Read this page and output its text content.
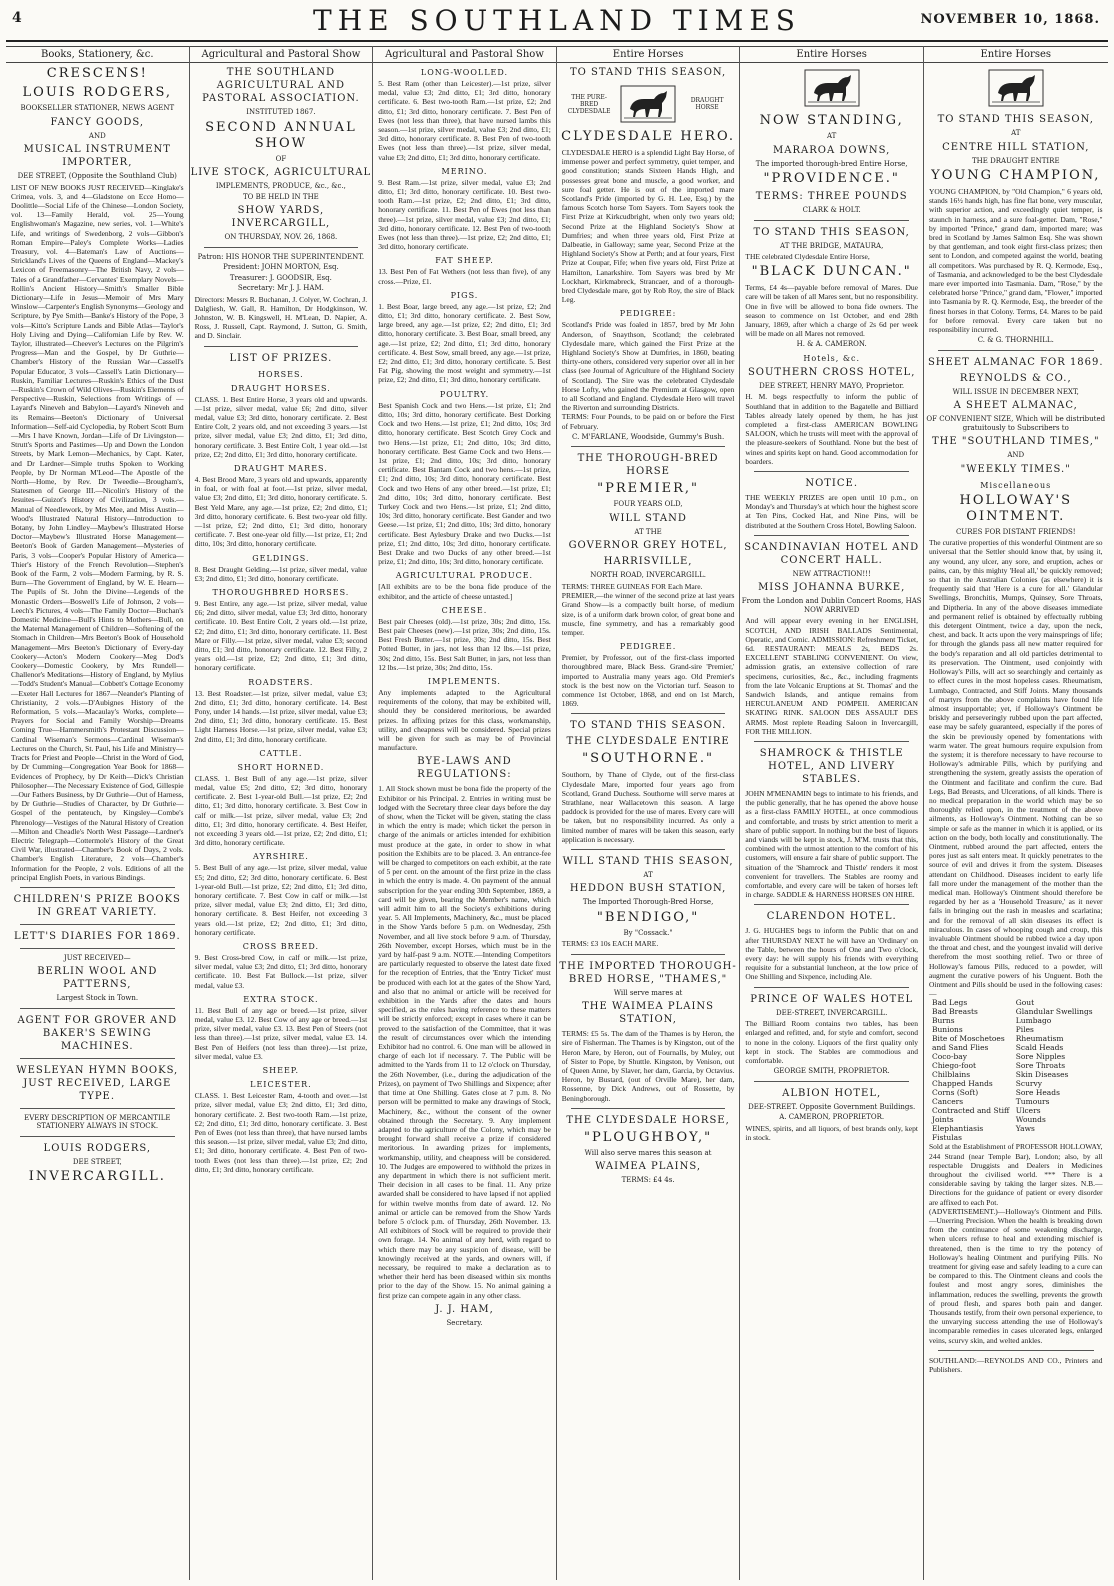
4	THE SOUTHLAND TIMES	NOVEMBER 10, 1868.
Books, Stationery, &c.
CRESCENS!
LOUIS RODGERS,
BOOKSELLER STATIONER, NEWS AGENT
FANCY GOODS,
AND
MUSICAL INSTRUMENT IMPORTER,
DEE STREET, (Opposite the Southland Club)

LIST OF NEW BOOKS JUST RECEIVED—Kinglake's Crimea, vols. 3, and 4—Gladstone on Ecce Homo—Doolittle—Social Life of the Chinese—London Society, vol. 13—Family Herald, vol. 25—Young Englishwoman's Magazine, new series, vol. 1—White's Life, and writings of Swedenborg, 2 vols—Gibbon's Roman Empire—Paley's Complete Works—Ladies Treasury, vol. 4—Bateman's Law of Auctions—Strickland's Lives of the Queens of England—Mackey's Lexicon of Freemasonry—The British Navy, 2 vols—Tales of a Grandfather—Cervantes' Exemplary Novels—Rollin's Ancient History—Smith's Smaller Bible Dictionary—Life in Jesus—Memoir of Mrs Mary Winslow—Carpenter's English Synonyms—Geology and Scripture, by Pye Smith—Banke's History of the Pope, 3 vols—Kitto's Scripture Lands and Bible Atlas—Taylor's Holy Living and Dying—Californian Life by Rev. W. Taylor, illustrated—Cheever's Lectures on the Pilgrim's Progress—Man and the Gospel, by Dr Guthrie—Chamber's History of the Russian War—Cassell's Popular Educator, 3 vols—Cassell's Latin Dictionary—Ruskin, Familiar Lectures—Ruskin's Ethics of the Dust—Ruskin's Crown of Wild Olives—Ruskin's Elements of Perspective—Ruskin, Selections from Writings of —Layard's Nineveh and Babylon—Layard's Nineveh and its Remains—Beeton's Dictionary of Universal Information—Self-aid Cyclopedia, by Robert Scott Burn—Mrs I have Known, Jordan—Life of Dr Livingston—Strutt's Sports and Pastimes—Up and Down the London Streets, by Mark Lemon—Mechanics, by Capt. Kater, and Dr Lardner—Simple truths Spoken to Working People, by Dr Norman M'Leod—The Apostle of the North—Home, by Rev. Dr Tweedie—Brougham's, Statesmen of George III.—Nicolin's History of the Jesuites—Guizot's History of Civilization, 3 vols.—Manual of Needlework, by Mrs Mee, and Miss Austin—Wood's Illustrated Natural History—Introduction to Botany, by John Lindley—Maybew's Illustrated Horse Doctor—Maybew's Illustrated Horse Management—Beeton's Book of Garden Management—Mysteries of Paris, 3 vols—Cooper's Popular History of America—Thier's History of the French Revolution—Stephen's Book of the Farm, 2 vols—Modern Farming, by R. S. Burn—The Government of England, by W. E. Hearn—The Pupils of St. John the Divine—Legends of the Monastic Orders—Boswell's Life of Johnson, 2 vols—Leech's Pictures, 4 vols—The Family Doctor—Buchan's Domestic Medicine—Bull's Hints to Mothers—Bull, on the Maternal Management of Children—Softening of the Stomach in Children—Mrs Beeton's Book of Household Management—Mrs Beeton's Dictionary of Every-day Cookery—Acton's Modern Cookery—Meg Dod's Cookery—Domestic Cookery, by Mrs Rundell—Challenor's Meditations—History of England, by Mylius—Todd's Student's Manual—Cobbett's Cottage Economy—Exeter Hall Lectures for 1867—Neander's Planting of Christianity, 2 vols.—D'Aubignes History of the Reformation, 5 vols.—Macaulay's Works, complete—Prayers for Social and Family Worship—Dreams Coming True—Hammersmith's Protestant Discussion—Cardinal Wiseman's Sermons—Cardinal Wiseman's Lectures on the Church, St. Paul, his Life and Ministry—Tracts for Priest and People—Christ in the Word of God, by Dr Cumming—Congregation Year Book for 1868—Evidences of Prophecy, by Dr Keith—Dick's Christian Philosopher—The Necessary Existence of God, Gillespie—Our Fathers Business, by Dr Guthrie—Out of Harness, by Dr Guthrie—Studies of Character, by Dr Guthrie—Gospel of the pentateuch, by Kingsley—Combe's Phrenology—Vestiges of the Natural History of Creation—Milton and Cheadle's North West Passage—Lardner's Electric Telegraph—Cottermole's History of the Great Civil War, illustrated—Chamber's Book of Days, 2 vols. Chamber's English Literature, 2 vols—Chamber's Information for the People, 2 vols. Editions of all the principal English Poets, in various Bindings.

CHILDREN'S PRIZE BOOKS IN GREAT VARIETY.
LETT'S DIARIES FOR 1869.
JUST RECEIVED—
BERLIN WOOL AND PATTERNS,
Largest Stock in Town.
AGENT FOR GROVER AND BAKER'S SEWING MACHINES.
WESLEYAN HYMN BOOKS, JUST RECEIVED, LARGE TYPE.
EVERY DESCRIPTION OF MERCANTILE STATIONERY ALWAYS IN STOCK.
LOUIS RODGERS,
DEE STREET,
INVERCARGILL.
Agricultural and Pastoral Show
THE SOUTHLAND AGRICULTURAL AND PASTORAL ASSOCIATION.
INSTITUTED 1867.
SECOND ANNUAL SHOW
OF
LIVE STOCK, AGRICULTURAL
IMPLEMENTS, PRODUCE, &c., &c.,
TO BE HELD IN THE
SHOW YARDS, INVERCARGILL,
ON THURSDAY, NOV. 26, 1868.
Patron: HIS HONOR THE SUPERINTENDENT.
President: JOHN MORTON, Esq.
Treasurer: J. GOODSIR, Esq.
Secretary: Mr J. J. HAM.

Directors: Messrs R. Buchanan, J. Colyer, W. Cochran, J. Dalgliesh, W. Gall, R. Hamilton, Dr Hodgkinson, W. Johnston, W. B. Kingswell, H. M'Lean, D. Napier, A. Ross, J. Russell, Capt. Raymond, J. Sutton, G. Smith, and D. Sinclair.

LIST OF PRIZES.
HORSES.
DRAUGHT HORSES.

CLASS. 1. Best Entire Horse, 3 years old and upwards.—1st prize, silver medal, value £6; 2nd ditto, silver medal, value £3; 3rd ditto, honorary certificate. 2. Best Entire Colt, 2 years old, and not exceeding 3 years.—1st prize, silver medal, value £3; 2nd ditto, £1; 3rd ditto, honorary certificate. 3. Best Entire Colt, 1 year old.—1st prize, £2; 2nd ditto, £1; 3rd ditto, honorary certificate.

DRAUGHT MARES.

4. Best Brood Mare, 3 years old and upwards, apparently in foal, or with foal at foot.—1st prize, silver medal, value £3; 2nd ditto, £1; 3rd ditto, honorary certificate. 5. Best Yeld Mare, any age.—1st prize, £2; 2nd ditto, £1; 3rd ditto, honorary certificate. 6. Best two-year old filly.—1st prize, £2; 2nd ditto, £1; 3rd ditto, honorary certificate. 7. Best one-year old filly.—1st prize, £1; 2nd ditto, 10s; 3rd ditto, honorary certificate.

GELDINGS.

8. Best Draught Gelding.—1st prize, silver medal, value £3; 2nd ditto, £1; 3rd ditto, honorary certificate.

THOROUGHBRED HORSES.

9. Best Entire, any age.—1st prize, silver medal, value £6; 2nd ditto, silver medal, value £3; 3rd ditto, honorary certificate. 10. Best Entire Colt, 2 years old.—1st prize, £2; 2nd ditto, £1; 3rd ditto, honorary certificate. 11. Best Mare or Filly.—1st prize, silver medal, value £3; second ditto, £1; 3rd ditto, honorary certificate. 12. Best Filly, 2 years old.—1st prize, £2; 2nd ditto, £1; 3rd ditto, honorary certificate.

ROADSTERS.

13. Best Roadster.—1st prize, silver medal, value £3; 2nd ditto, £1; 3rd ditto, honorary certificate. 14. Best Pony, under 14 hands.—1st prize, silver medal, value £3; 2nd ditto, £1; 3rd ditto, honorary certificate. 15. Best Light Harness Horse.—1st prize, silver medal, value £3; 2nd ditto, £1; 3rd ditto, honorary certificate.

CATTLE.
SHORT HORNED.

CLASS. 1. Best Bull of any age.—1st prize, silver medal, value £5; 2nd ditto, £2; 3rd ditto, honorary certificate. 2. Best 1-year-old Bull.—1st prize, £2; 2nd ditto, £1; 3rd ditto, honorary certificate. 3. Best Cow in calf or milk.—1st prize, silver medal, value £3; 2nd ditto, £1; 3rd ditto, honorary certificate. 4. Best Heifer, not exceeding 3 years old.—1st prize, £2; 2nd ditto, £1; 3rd ditto, honorary certificate.

AYRSHIRE.

5. Best Bull of any age.—1st prize, silver medal, value £5; 2nd ditto, £2; 3rd ditto, honorary certificate. 6. Best 1-year-old Bull.—1st prize, £2; 2nd ditto, £1; 3rd ditto, honorary certificate. 7. Best Cow in calf or milk.—1st prize, silver medal, value £3; 2nd ditto, £1; 3rd ditto, honorary certificate. 8. Best Heifer, not exceeding 3 years old.—1st prize, £2; 2nd ditto, £1; 3rd ditto, honorary certificate.

CROSS BREED.

9. Best Cross-bred Cow, in calf or milk.—1st prize, silver medal, value £3; 2nd ditto, £1; 3rd ditto, honorary certificate. 10. Best Fat Bullock.—1st prize, silver medal, value £3.

EXTRA STOCK.

11. Best Bull of any age or breed.—1st prize, silver medal, value £3. 12. Best Cow of any age or breed.—1st prize, silver medal, value £3. 13. Best Pen of Steers (not less than three).—1st prize, silver medal, value £3. 14. Best Pen of Heifers (not less than three).—1st prize, silver medal, value £3.

SHEEP.
LEICESTER.

CLASS. 1. Best Leicester Ram, 4-tooth and over.—1st prize, silver medal, value £3; 2nd ditto, £1; 3rd ditto, honorary certificate. 2. Best two-tooth Ram.—1st prize, £2; 2nd ditto, £1; 3rd ditto, honorary certificate. 3. Best Pen of Ewes (not less than three), that have nursed lambs this season.—1st prize, silver medal, value £3; 2nd ditto, £1; 3rd ditto, honorary certificate. 4. Best Pen of two-tooth Ewes (not less than three).—1st prize, £2; 2nd ditto, £1; 3rd ditto, honorary certificate.

Agricultural and Pastoral Show
LONG-WOOLLED.

5. Best Ram (other than Leicester).—1st prize, silver medal, value £3; 2nd ditto, £1; 3rd ditto, honorary certificate. 6. Best two-tooth Ram.—1st prize, £2; 2nd ditto, £1; 3rd ditto, honorary certificate. 7. Best Pen of Ewes (not less than three), that have nursed lambs this season.—1st prize, silver medal, value £3; 2nd ditto, £1; 3rd ditto, honorary certificate. 8. Best Pen of two-tooth Ewes (not less than three).—1st prize, silver medal, value £3; 2nd ditto, £1; 3rd ditto, honorary certificate.

MERINO.

9. Best Ram.—1st prize, silver medal, value £3; 2nd ditto, £1; 3rd ditto, honorary certificate. 10. Best two-tooth Ram.—1st prize, £2; 2nd ditto, £1; 3rd ditto, honorary certificate. 11. Best Pen of Ewes (not less than three).—1st prize, silver medal, value £3; 2nd ditto, £1; 3rd ditto, honorary certificate. 12. Best Pen of two-tooth Ewes (not less than three).—1st prize, £2; 2nd ditto, £1; 3rd ditto, honorary certificate.

FAT SHEEP.

13. Best Pen of Fat Wethers (not less than five), of any cross.—Prize, £1.

PIGS.

1. Best Boar, large breed, any age.—1st prize, £2; 2nd ditto, £1; 3rd ditto, honorary certificate. 2. Best Sow, large breed, any age.—1st prize, £2; 2nd ditto, £1; 3rd ditto, honorary certificate. 3. Best Boar, small breed, any age.—1st prize, £2; 2nd ditto, £1; 3rd ditto, honorary certificate. 4. Best Sow, small breed, any age.—1st prize, £2; 2nd ditto, £1; 3rd ditto, honorary certificate. 5. Best Fat Pig, showing the most weight and symmetry.—1st prize, £2; 2nd ditto, £1; 3rd ditto, honorary certificate.

POULTRY.

Best Spanish Cock and two Hens.—1st prize, £1; 2nd ditto, 10s; 3rd ditto, honorary certificate. Best Dorking Cock and two Hens.—1st prize, £1; 2nd ditto, 10s; 3rd ditto, honorary certificate. Best Scotch Grey Cock and two Hens.—1st prize, £1; 2nd ditto, 10s; 3rd ditto, honorary certificate. Best Game Cock and two Hens.—1st prize, £1; 2nd ditto, 10s; 3rd ditto, honorary certificate. Best Bantam Cock and two hens.—1st prize, £1; 2nd ditto, 10s; 3rd ditto, honorary certificate. Best Cock and two Hens of any other breed.—1st prize, £1; 2nd ditto, 10s; 3rd ditto, honorary certificate. Best Turkey Cock and two Hens.—1st prize, £1; 2nd ditto, 10s; 3rd ditto, honorary certificate. Best Gander and two Geese.—1st prize, £1; 2nd ditto, 10s; 3rd ditto, honorary certificate. Best Aylesbury Drake and two Ducks.—1st prize, £1; 2nd ditto, 10s; 3rd ditto, honorary certificate. Best Drake and two Ducks of any other breed.—1st prize, £1; 2nd ditto, 10s; 3rd ditto, honorary certificate.

AGRICULTURAL PRODUCE.

[All exhibits are to be the bona fide produce of the exhibitor, and the article of cheese untasted.]

CHEESE.

Best pair Cheeses (old).—1st prize, 30s; 2nd ditto, 15s. Best pair Cheeses (new).—1st prize, 30s; 2nd ditto, 15s. Best Fresh Butter.—1st prize, 30s; 2nd ditto, 15s. Best Potted Butter, in jars, not less than 12 lbs.—1st prize, 30s; 2nd ditto, 15s. Best Salt Butter, in jars, not less than 12 lbs.—1st prize, 30s; 2nd ditto, 15s.

IMPLEMENTS.

Any implements adapted to the Agricultural requirements of the colony, that may be exhibited will, should they be considered meritorious, be awarded prizes. In affixing prizes for this class, workmanship, utility, and cheapness will be considered. Special prizes will be given for such as may be of Provincial manufacture.

BYE-LAWS AND REGULATIONS:

1. All Stock shown must be bona fide the property of the Exhibitor or his Principal. 2. Entries in writing must be lodged with the Secretary three clear days before the day of show, when the Ticket will be given, stating the class in which the entry is made; which ticket the person in charge of the animals or articles intended for exhibition must produce at the gate, in order to show in what position the Exhibits are to be placed. 3. An entrance-fee will be charged to competitors on each exhibit, at the rate of 5 per cent. on the amount of the first prize in the class in which the entry is made. 4. On payment of the annual subscription for the year ending 30th September, 1869, a card will be given, bearing the Member's name, which will admit him to all the Society's exhibitions during year. 5. All Implements, Machinery, &c., must be placed in the Show Yards before 5 p.m. on Wednesday, 25th November, and all live stock before 9 a.m. of Thursday, 26th November, except Horses, which must be in the yard by half-past 9 a.m. NOTE.—Intending Competitors are particularly requested to observe the latest date fixed for the reception of Entries, that the 'Entry Ticket' must be produced with each lot at the gates of the Show Yard, and also that no animal or article will be received for exhibition in the Yards after the dates and hours specified, as the rules having reference to these matters will be strictly enforced; except in cases where it can be proved to the satisfaction of the Committee, that it was the result of circumstances over which the intending Exhibitor had no control. 6. One man will be allowed in charge of each lot if necessary. 7. The Public will be admitted to the Yards from 11 to 12 o'clock on Thursday, the 26th November, (i.e., during the adjudication of the Prizes), on payment of Two Shillings and Sixpence; after that time at One Shilling. Gates close at 7 p.m. 8. No person will be permitted to make any drawings of Stock, Machinery, &c., without the consent of the owner obtained through the Secretary. 9. Any implement adapted to the agriculture of the Colony, which may be brought forward shall receive a prize if considered meritorious. In awarding prizes for implements, workmanship, utility, and cheapness will be considered. 10. The Judges are empowered to withhold the prizes in any department in which there is not sufficient merit. Their decision in all cases to be final. 11. Any prize awarded shall be considered to have lapsed if not applied for within twelve months from date of award. 12. No animal or article can be removed from the Show Yards before 5 o'clock p.m. of Thursday, 26th November. 13. All exhibitors of Stock will be required to provide their own forage. 14. No animal of any herd, with regard to which there may be any suspicion of disease, will be knowingly received at the yards, and owners will, if necessary, be required to make a declaration as to whether their herd has been diseased within six months prior to the day of the Show. 15. No animal gaining a first prize can compete again in any other class.

J. J. HAM,
Secretary.
Entire Horses
TO STAND THIS SEASON,
THE PURE-BRED CLYDESDALE
DRAUGHT HORSE
CLYDESDALE HERO.

CLYDESDALE HERO is a splendid Light Bay Horse, of immense power and perfect symmetry, quiet temper, and good constitution; stands Sixteen Hands High, and possesses great bone and muscle, a good worker, and sure foal getter. He is out of the imported mare Scotland's Pride (imported by G. H. Lee, Esq.) by the famous Scotch horse Tom Sayers. Tom Sayers took the First Prize at Kirkcudbright, when only two years old; Second Prize at the Highland Society's Show at Dumfries; and when three years old, First Prize at Dalbeatie, in Galloway; same year, Second Prize at the Highland Society's Show at Perth; and at four years, First Prize at Coupar, Fife; when five years old, First Prize at Hamilton, Lanarkshire. Tom Sayers was bred by Mr Lockhart, Kirkmabreck, Strancaer, and of a thorough-bred Clydesdale mare, got by Rob Roy, the sire of Black Leg.

PEDIGREE:

Scotland's Pride was foaled in 1857, bred by Mr John Anderson, of Snaythson, Scotland; the celebrated Clydesdale mare, which gained the First Prize at the Highland Society's Show at Dumfries, in 1860, beating thirty-one others, considered very superior over all in her class (see Journal of Agriculture of the Highland Society of Scotland). The Sire was the celebrated Clydesdale Horse Lofty, who gained the Premium at Glasgow, open to all Scotland and England. Clydesdale Hero will travel the Riverton and surrounding Districts.

TERMS: Four Pounds, to be paid on or before the First of February.

C. M'FARLANE, Woodside, Gummy's Bush.
THE THOROUGH-BRED HORSE
"PREMIER,"
FOUR YEARS OLD,
WILL STAND
AT THE
GOVERNOR GREY HOTEL,
HARRISVILLE,
NORTH ROAD, INVERCARGILL.

TERMS: THREE GUINEAS FOR Each Mare.

PREMIER,—the winner of the second prize at last years Grand Show—is a compactly built horse, of medium size, is of a uniform dark brown color, of great bone and muscle, fine symmetry, and has a remarkably good temper.

PEDIGREE.

Premier, by Professor, out of the first-class imported thoroughbred mare, Black Bess. Grand-sire 'Premier,' imported to Australia many years ago. Old Premier's stock is the best now on the Victorian turf. Season to commence 1st October, 1868, and end on 1st March, 1869.

TO STAND THIS SEASON.
THE CLYDESDALE ENTIRE
"SOUTHORNE."

Southorn, by Thane of Clyde, out of the first-class Clydesdale Mare, imported four years ago from Scotland, Grand Duchess. Southorne will serve mares at Strathlane, near Wallacetown this season. A large paddock is provided for the use of mares. Every care will be taken, but no responsibility incurred. As only a limited number of mares will be taken this season, early application is necessary.

WILL STAND THIS SEASON,
AT
HEDDON BUSH STATION,
The Imported Thorough-Bred Horse,
"BENDIGO,"
By "Cossack."

TERMS: £3 10s EACH MARE.

THE IMPORTED THOROUGH-BRED HORSE, "THAMES,"
Will serve mares at
THE WAIMEA PLAINS STATION,

TERMS: £5 5s. The dam of the Thames is by Heron, the sire of Fisherman. The Thames is by Kingston, out of the Heron Mare, by Heron, out of Fournalls, by Muley, out of Sister to Pope, by Shuttle. Kingston, by Venison, out of Queen Anne, by Slaver, her dam, Garcia, by Octavius. Heron, by Bustard, (out of Orville Mare), her dam, Rossenne, by Dick Andrews, out of Rossette, by Beningborough.

THE CLYDESDALE HORSE,
"PLOUGHBOY,"
Will also serve mares this season at
WAIMEA PLAINS,
TERMS: £4 4s.
Entire Horses
NOW STANDING,
AT
MARAROA DOWNS,
The imported thorough-bred Entire Horse,
"PROVIDENCE."
TERMS: THREE POUNDS
CLARK & HOLT.
TO STAND THIS SEASON,
AT THE BRIDGE, MATAURA,

THE celebrated Clydesdale Entire Horse,

"BLACK DUNCAN."

Terms, £4 4s—payable before removal of Mares. Due care will be taken of all Mares sent, but no responsibility. One in five will be allowed to bona fide owners. The season to commence on 1st October, and end 28th January, 1869, after which a charge of 2s 6d per week will be made on all Mares not removed.

H. & A. CAMERON.
Hotels, &c.
SOUTHERN CROSS HOTEL,
DEE STREET, HENRY MAYO, Proprietor.

H. M. begs respectfully to inform the public of Southland that in addition to the Bagatelle and Billiard Tables already lately opened by them, he has just completed a first-class AMERICAN BOWLING SALOON, which he trusts will meet with the approval of the pleasure-seekers of Southland. None but the best of wines and spirits kept on hand. Good accommodation for boarders.

NOTICE.

THE WEEKLY PRIZES are open until 10 p.m., on Monday's and Thursday's at which hour the highest score at Ten Pins, Cocked Hat, and Nine Pins, will be distributed at the Southern Cross Hotel, Bowling Saloon.

SCANDINAVIAN HOTEL AND CONCERT HALL.
NEW ATTRACTION!!!
MISS JOHANNA BURKE,
From the London and Dublin Concert Rooms, HAS NOW ARRIVED

And will appear every evening in her ENGLISH, SCOTCH, AND IRISH BALLADS Sentimental, Operatic, and Comic. ADMISSION: Refreshment Ticket, 6d. RESTAURANT: MEALS 2s, BEDS 2s. EXCELLENT STABLING CONVENIENT. On view, admission gratis, an extensive collection of rare specimens, curiosities, &c., &c., including fragments from the late Volcanic Eruptions at St. Thomas' and the Sandwich Islands, and antique remains from HERCULANEUM AND POMPEII. AMERICAN SKATING RINK. SALOON DES ASSAULT DES ARMS. Most replete Reading Saloon in Invercargill, FOR THE MILLION.

SHAMROCK & THISTLE HOTEL, AND LIVERY STABLES.

JOHN M'MENAMIN begs to intimate to his friends, and the public generally, that he has opened the above house as a first-class FAMILY HOTEL, at once commodious and comfortable, and trusts by strict attention to merit a share of public support. In nothing but the best of liquors and viands will be kept in stock, J. M'M. trusts that this, combined with the utmost attention to the comfort of his customers, will ensure a fair share of public support. The situation of the 'Shamrock and Thistle' renders it most convenient for travellers. The Stables are roomy and comfortable, and every care will be taken of horses left in charge. SADDLE & HARNESS HORSES ON HIRE.

CLARENDON HOTEL.

J. G. HUGHES begs to inform the Public that on and after THURSDAY NEXT he will have an 'Ordinary' on the Table, between the hours of One and Two o'clock, every day: he will supply his friends with everything requisite for a substantial luncheon, at the low price of One Shilling and Sixpence, including Ale.

PRINCE OF WALES HOTEL
DEE-STREET, INVERCARGILL.

The Billiard Room contains two tables, has been enlarged and refitted, and, for style and comfort, second to none in the colony. Liquors of the first quality only kept in stock. The Stables are commodious and comfortable.

GEORGE SMITH, PROPRIETOR.
ALBION HOTEL,
DEE-STREET. Opposite Government Buildings.
A. CAMERON, PROPRIETOR.

WINES, spirits, and all liquors, of best brands only, kept in stock.

Entire Horses
TO STAND THIS SEASON,
AT
CENTRE HILL STATION,
THE DRAUGHT ENTIRE
YOUNG CHAMPION,

YOUNG CHAMPION, by "Old Champion," 6 years old, stands 16½ hands high, has fine flat bone, very muscular, with superior action, and exceedingly quiet temper, is staunch in harness, and a sure foal-getter. Dam, "Rose," by imported "Prince," grand dam, imported mare; was bred in Scotland by James Salmon Esq. She was shown by that gentleman, and took eight first-class prizes; then sent to London, and competed against the world, beating all competitors. Was purchased by R. Q. Kermode, Esq., of Tasmania, and acknowledged to be the best Clydesdale mare ever imported into Tasmania. Dam, "Rose," by the celebrated horse "Prince," grand dam, "Flower," imported into Tasmania by R. Q. Kermode, Esq., the breeder of the finest horses in that Colony. Terms, £4. Mares to be paid for before removal. Every care taken but no responsibility incurred.

C. & G. THORNHILL.
SHEET ALMANAC FOR 1869.
REYNOLDS & CO.,
WILL ISSUE IN DECEMBER NEXT,
A SHEET ALMANAC,
OF CONVENIENT SIZE, Which will be distributed gratuitously to Subscribers to
THE "SOUTHLAND TIMES,"
AND
"WEEKLY TIMES."
Miscellaneous
HOLLOWAY'S OINTMENT.
CURES FOR DISTANT FRIENDS!

The curative properties of this wonderful Ointment are so universal that the Settler should know that, by using it, any wound, any ulcer, any sore, and eruption, aches or pains, can, by this mighty 'Heal all,' be quickly removed; so that in the Australian Colonies (as elsewhere) it is frequently said that 'Here is a cure for all.' Glandular Swellings, Bronchitis, Mumps, Quinsey, Sore Throats, and Diptheria. In any of the above diseases immediate and permanent relief is obtained by effectually rubbing this detergent Ointment, twice a day, upon the neck, chest, and back. It acts upon the very mainsprings of life; for through the glands pass all new matter required for the body's reparation and all old particles detrimental to its preservation. The Ointment, used conjointly with Holloway's Pills, will act so searchingly and certainly as to effect cures in the most hopeless cases. Rheumatism, Lumbago, Contracted, and Stiff Joints. Many thousands of martyrs from the above complaints have found life almost insupportable; yet, if Holloway's Ointment be briskly and perseveringly rubbed upon the part affected, ease may be safely guaranteed, especially if the pores of the skin be previously opened by fomentations with warm water. The great humours require expulsion from the system; it is therefore necessary to have recourse to Holloway's admirable Pills, which by purifying and strengthening the system, greatly assists the operation of the Ointment and facilitate and confirm the cure. Bad Legs, Bad Breasts, and Ulcerations, of all kinds. There is no medical preparation in the world which may be so thoroughly relied upon, in the treatment of the above ailments, as Holloway's Ointment. Nothing can be so simple or safe as the manner in which it is applied, or its action on the body, both locally and constitutionally. The Ointment, rubbed around the part affected, enters the pores just as salt enters meat. It quickly penetrates to the source of evil and drives it from the system. Diseases attendant on Childhood. Diseases incident to early life fall more under the management of the mother than the medical man. Holloway's Ointment should therefore be regarded by her as a 'Household Treasure,' as it never fails in bringing out the rash in measles and scarlatina; and for the removal of all skin diseases its effect is miraculous. In cases of whooping cough and croup, this invaluable Ointment should be rubbed twice a day upon the throat and chest, and the youngest invalid will derive therefrom the most soothing relief. Two or three of Holloway's famous Pills, reduced to a powder, will augment the curative powers of his Unguent. Both the Ointment and Pills should be used in the following cases:—

Bad Legs
Bad Breasts
Burns
Bunions
Bite of Moschetoes and Sand Flies
Coco-bay
Chiego-foot
Chilblains
Chapped Hands
Corns (Soft)
Cancers
Contracted and Stiff Joints
Elephantiasis
Fistulas
Gout
Glandular Swellings
Lumbago
Piles
Rheumatism
Scald Heads
Sore Nipples
Sore Throats
Skin Diseases
Scurvy
Sore Heads
Tumours
Ulcers
Wounds
Yaws

Sold at the Establishment of PROFESSOR HOLLOWAY, 244 Strand (near Temple Bar), London; also, by all respectable Druggists and Dealers in Medicines throughout the civilised world. *** There is a considerable saving by taking the larger sizes. N.B.—Directions for the guidance of patient or every disorder are affixed to each Pot.

(ADVERTISEMENT.)—Holloway's Ointment and Pills.—Unerring Precision. When the health is breaking down from the continuance of some weakening discharge, when ulcers refuse to heal and extending mischief is threatened, then is the time to try the potency of Holloway's healing Ointment and purifying Pills. No treatment for giving ease and safely leading to a cure can be compared to this. The Ointment cleans and cools the foulest and most angry sores, diminishes the inflammation, reduces the swelling, prevents the growth of proud flesh, and spares both pain and danger. Thousands testify, from their own personal experience, to the unvarying success attending the use of Holloway's incomparable remedies in cases ulcerated legs, enlarged veins, scurvy skin, and welted ankles.

SOUTHLAND:—REYNOLDS AND CO., Printers and Publishers.
